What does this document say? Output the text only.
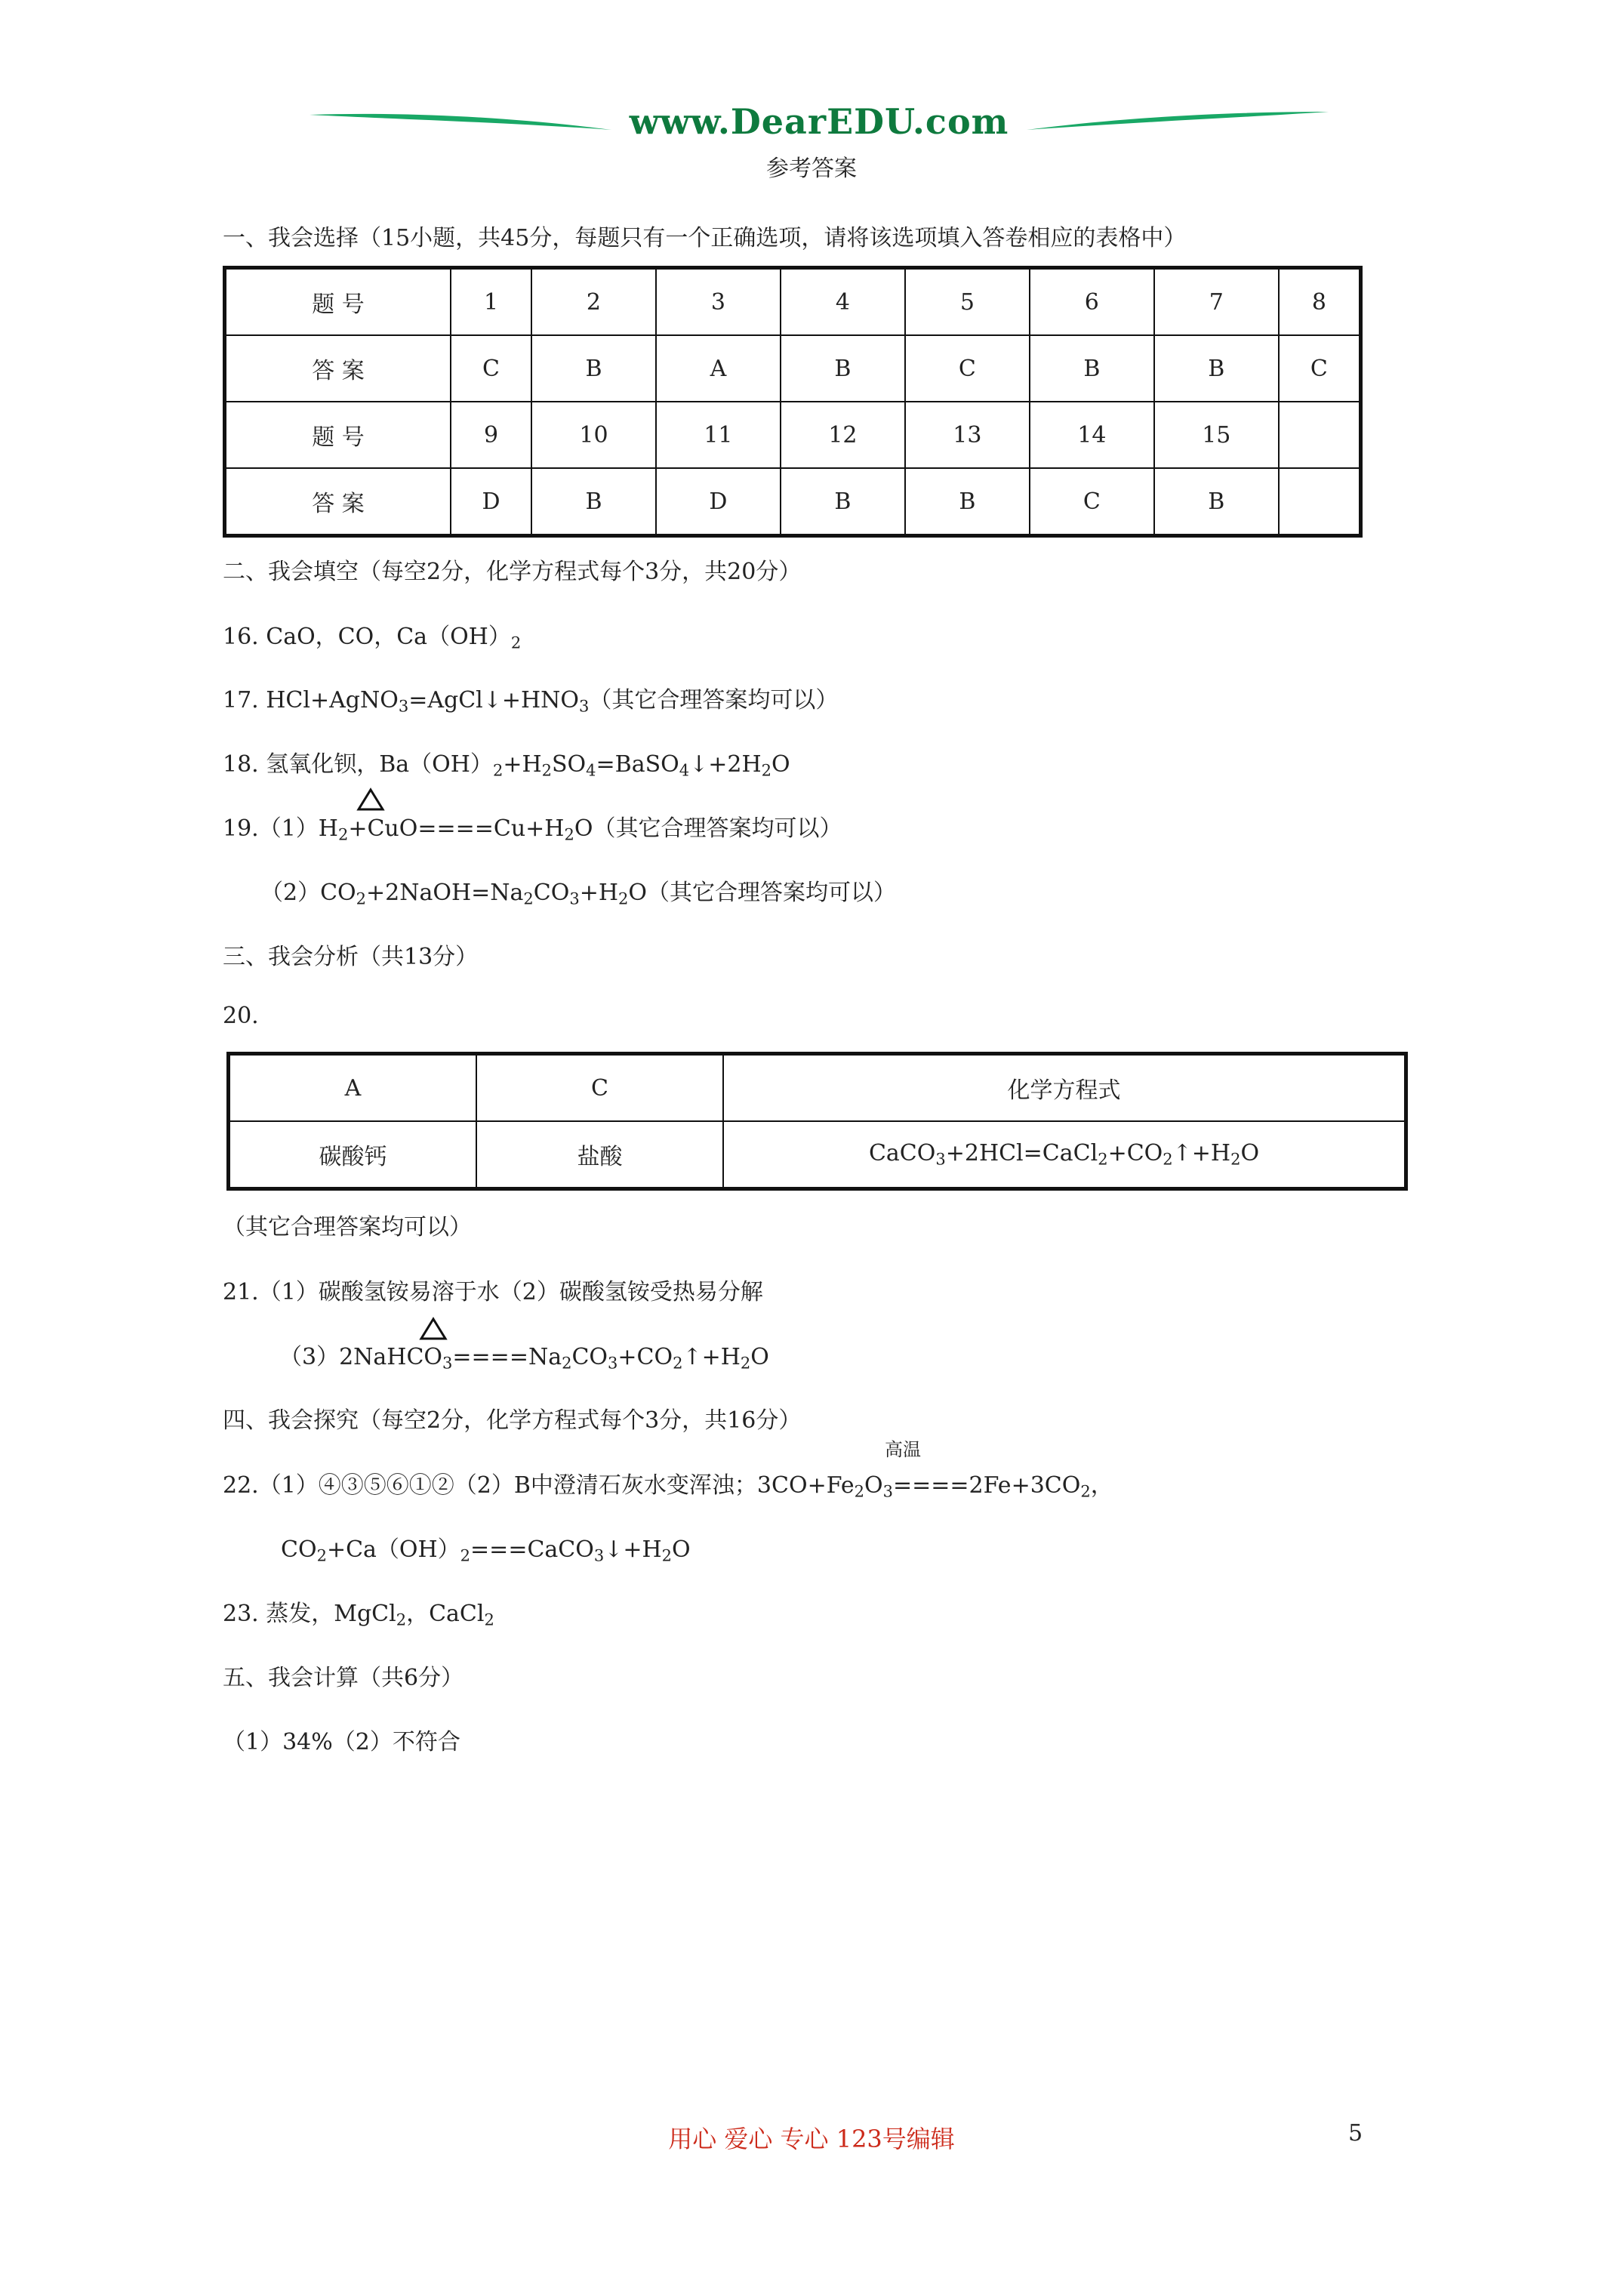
www.DearEDU.com
参考答案
一、我会选择（15小题，共45分，每题只有一个正确选项，请将该选项填入答卷相应的表格中）
题 号	1	2	3	4	5	6	7	8
答 案	C	B	A	B	C	B	B	C
题 号	9	10	11	12	13	14	15	
答 案	D	B	D	B	B	C	B	
二、我会填空（每空2分，化学方程式每个3分，共20分）
16. CaO，CO，$Ca(OH)_2$
17. $HCl+AgNO_3=AgCl↓+HNO_3$（其它合理答案均可以）
18. 氢氧化钡，$Ba(OH)_2+H_2SO_4=BaSO_4↓+2H_2O$
$19.(1)H_2+CuO====Cu+H_2O$（其它合理答案均可以）
$(2)CO_2+2NaOH=Na_2CO_3+H_2O$（其它合理答案均可以）
三、我会分析（共13分）
20.
A	C	化学方程式
碳酸钙	盐酸	$CaCO_3+2HCl=CaCl_2+CO_2↑+H_2O$
（其它合理答案均可以）
21.（1）碳酸氢铵易溶于水（2）碳酸氢铵受热易分解
$(3)2NaHCO_3====Na_2CO_3+CO_2↑+H_2O$
四、我会探究（每空2分，化学方程式每个3分，共16分）
高温
22.（1）④③⑤⑥①②（2）B中澄清石灰水变浑浊；$3CO+Fe_2O_3====2Fe+3CO_2$，
$CO_2+Ca(OH)_2===CaCO_3↓+H_2O$
23. 蒸发，MgCl$_2$，CaCl$_2$
五、我会计算（共6分）
（1）34%（2）不符合
用心 爱心 专心 123号编辑	5
